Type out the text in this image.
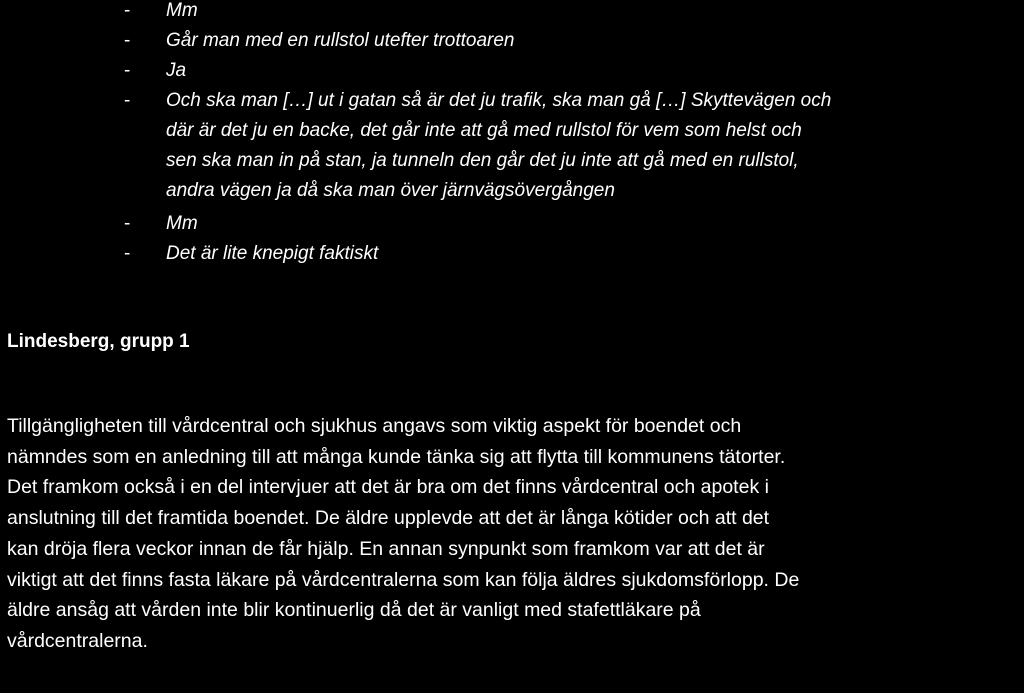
- Mm
- Går man med en rullstol utefter trottoaren
- Ja
- Och ska man […] ut i gatan så är det ju trafik, ska man gå […] Skyttevägen och
där är det ju en backe, det går inte att gå med rullstol för vem som helst och
sen ska man in på stan, ja tunneln den går det ju inte att gå med en rullstol,
andra vägen ja då ska man över järnvägsövergången
- Mm
- Det är lite knepigt faktiskt
Lindesberg, grupp 1
Tillgängligheten till vårdcentral och sjukhus angavs som viktig aspekt för boendet och
nämndes som en anledning till att många kunde tänka sig att flytta till kommunens tätorter.
Det framkom också i en del intervjuer att det är bra om det finns vårdcentral och apotek i
anslutning till det framtida boendet. De äldre upplevde att det är långa kötider och att det
kan dröja flera veckor innan de får hjälp. En annan synpunkt som framkom var att det är
viktigt att det finns fasta läkare på vårdcentralerna som kan följa äldres sjukdomsförlopp. De
äldre ansåg att vården inte blir kontinuerlig då det är vanligt med stafettläkare på
vårdcentralerna.
